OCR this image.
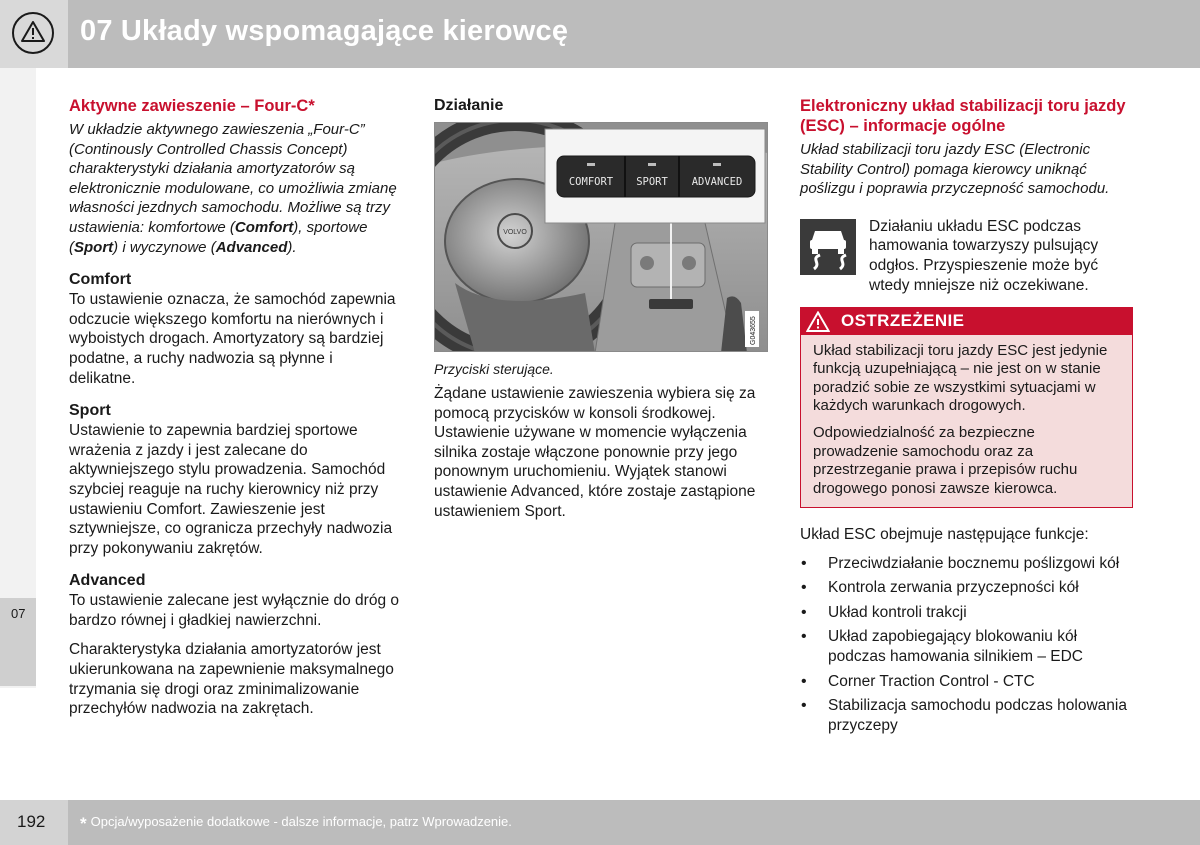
07 Układy wspomagające kierowcę
07
Aktywne zawieszenie – Four-C*

W układzie aktywnego zawieszenia „Four-C” (Continously Controlled Chassis Concept) charakterystyki działania amortyzatorów są elektronicznie modulowane, co umożliwia zmianę własności jezdnych samochodu. Możliwe są trzy ustawienia: komfortowe (Comfort), sportowe (Sport) i wyczynowe (Advanced).

Comfort

To ustawienie oznacza, że samochód zapewnia odczucie większego komfortu na nierównych i wyboistych drogach. Amortyzatory są bardziej podatne, a ruchy nadwozia są płynne i delikatne.

Sport

Ustawienie to zapewnia bardziej sportowe wrażenia z jazdy i jest zalecane do aktywniejszego stylu prowadzenia. Samochód szybciej reaguje na ruchy kierownicy niż przy ustawieniu Comfort. Zawieszenie jest sztywniejsze, co ogranicza przechyły nadwozia przy pokonywaniu zakrętów.

Advanced

To ustawienie zalecane jest wyłącznie do dróg o bardzo równej i gładkiej nawierzchni.

Charakterystyka działania amortyzatorów jest ukierunkowana na zapewnienie maksymalnego trzymania się drogi oraz zminimalizowanie przechyłów nadwozia na zakrętach.

Działanie
COMFORT SPORT ADVANCED
VOLVO
G043655

Przyciski sterujące.

Żądane ustawienie zawieszenia wybiera się za pomocą przycisków w konsoli środkowej. Ustawienie używane w momencie wyłączenia silnika zostaje włączone ponownie przy jego ponownym uruchomieniu. Wyjątek stanowi ustawienie Advanced, które zostaje zastąpione ustawieniem Sport.

Elektroniczny układ stabilizacji toru jazdy (ESC) – informacje ogólne

Układ stabilizacji toru jazdy ESC (Electronic Stability Control) pomaga kierowcy uniknąć poślizgu i poprawia przyczepność samochodu.

Działaniu układu ESC podczas hamowania towarzyszy pulsujący odgłos. Przyspieszenie może być wtedy mniejsze niż oczekiwane.

OSTRZEŻENIE

Układ stabilizacji toru jazdy ESC jest jedynie funkcją uzupełniającą – nie jest on w stanie poradzić sobie ze wszystkimi sytuacjami w każdych warunkach drogowych.

Odpowiedzialność za bezpieczne prowadzenie samochodu oraz za przestrzeganie prawa i przepisów ruchu drogowego ponosi zawsze kierowca.

Układ ESC obejmuje następujące funkcje:

• Przeciwdziałanie bocznemu poślizgowi kół
• Kontrola zerwania przyczepności kół
• Układ kontroli trakcji
• Układ zapobiegający blokowaniu kół podczas hamowania silnikiem – EDC
• Corner Traction Control - CTC
• Stabilizacja samochodu podczas holowania przyczepy
192 * Opcja/wyposażenie dodatkowe - dalsze informacje, patrz Wprowadzenie.
